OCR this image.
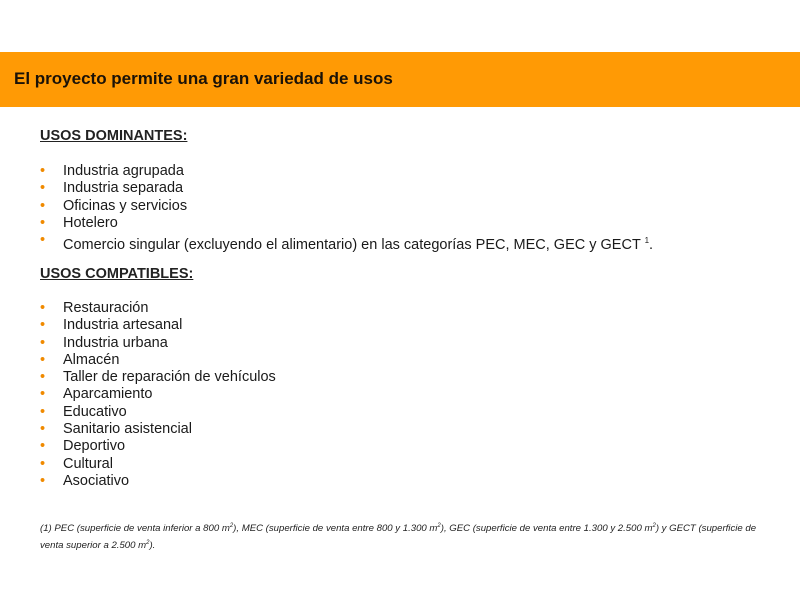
El proyecto permite una gran variedad de usos
USOS DOMINANTES:
• Industria agrupada
• Industria separada
• Oficinas y servicios
• Hotelero
• Comercio singular (excluyendo el alimentario) en las categorías PEC, MEC, GEC y GECT $^1$.
USOS COMPATIBLES:
• Restauración
• Industria artesanal
• Industria urbana
• Almacén
• Taller de reparación de vehículos
• Aparcamiento
• Educativo
• Sanitario asistencial
• Deportivo
• Cultural
• Asociativo
(1) PEC (superficie de venta inferior a 800 $m^2$), MEC (superficie de venta entre 800 y 1.300 $m^2$), GEC (superficie de venta entre 1.300 y 2.500 $m^2$) y GECT (superficie de venta superior a 2.500 $m^2$).
